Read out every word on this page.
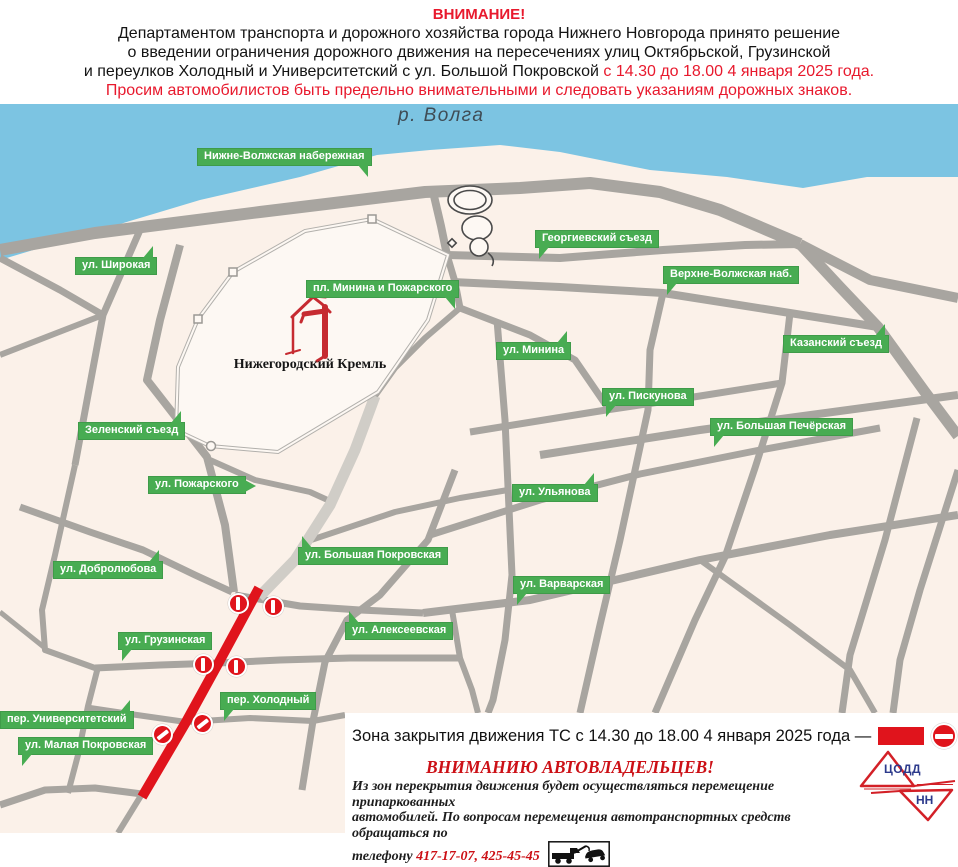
ВНИМАНИЕ!
Департаментом транспорта и дорожного хозяйства города Нижнего Новгорода принято решение
о введении ограничения дорожного движения на пересечениях улиц Октябрьской, Грузинской
и переулков Холодный и Университетский с ул. Большой Покровской с 14.30 до 18.00 4 января 2025 года.
Просим автомобилистов быть предельно внимательными и следовать указаниям дорожных знаков.
р. Волга
Нижегородский Кремль
Нижне-Волжская набережная
ул. Широкая
Георгиевский съезд
Верхне-Волжская наб.
пл. Минина и Пожарского
ул. Минина
Казанский съезд
ул. Пискунова
ул. Большая Печёрская
ул. Ульянова
Зеленский съезд
ул. Пожарского
ул. Большая Покровская
ул. Добролюбова
ул. Варварская
ул. Алексеевская
ул. Грузинская
пер. Холодный
пер. Университетский
ул. Малая Покровская
Зона закрытия движения ТС с 14.30 до 18.00 4 января 2025 года —
ВНИМАНИЮ АВТОВЛАДЕЛЬЦЕВ!
Из зон перекрытия движения будет осуществляться перемещение припаркованных
автомобилей. По вопросам перемещения автотранспортных средств обращаться по
телефону 417-17-07, 425-45-45
ЦОДД
НН
